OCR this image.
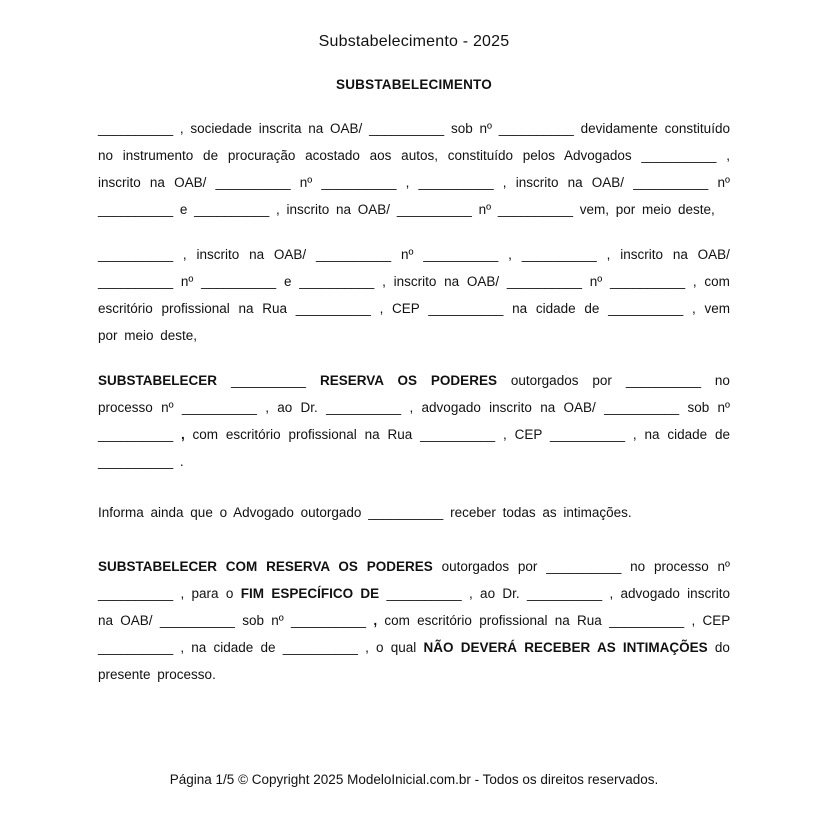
Substabelecimento - 2025
SUBSTABELECIMENTO

__________ , sociedade inscrita na OAB/ __________ sob nº __________ devidamente constituído no instrumento de procuração acostado aos autos, constituído pelos Advogados __________ , inscrito na OAB/ __________ nº __________ , __________ , inscrito na OAB/ __________ nº __________ e __________ , inscrito na OAB/ __________ nº __________ vem, por meio deste,

__________ , inscrito na OAB/ __________ nº __________ , __________ , inscrito na OAB/ __________ nº __________ e __________ , inscrito na OAB/ __________ nº __________ , com escritório profissional na Rua __________ , CEP __________ na cidade de __________ , vem por meio deste,

SUBSTABELECER __________ RESERVA OS PODERES outorgados por __________ no processo nº __________ , ao Dr. __________ , advogado inscrito na OAB/ __________ sob nº __________ , com escritório profissional na Rua __________ , CEP __________ , na cidade de __________ .

Informa ainda que o Advogado outorgado __________ receber todas as intimações.

SUBSTABELECER COM RESERVA OS PODERES outorgados por __________ no processo nº __________ , para o FIM ESPECÍFICO DE __________ , ao Dr. __________ , advogado inscrito na OAB/ __________ sob nº __________ , com escritório profissional na Rua __________ , CEP __________ , na cidade de __________ , o qual NÃO DEVERÁ RECEBER AS INTIMAÇÕES do presente processo.

Página 1/5 © Copyright 2025 ModeloInicial.com.br - Todos os direitos reservados.
